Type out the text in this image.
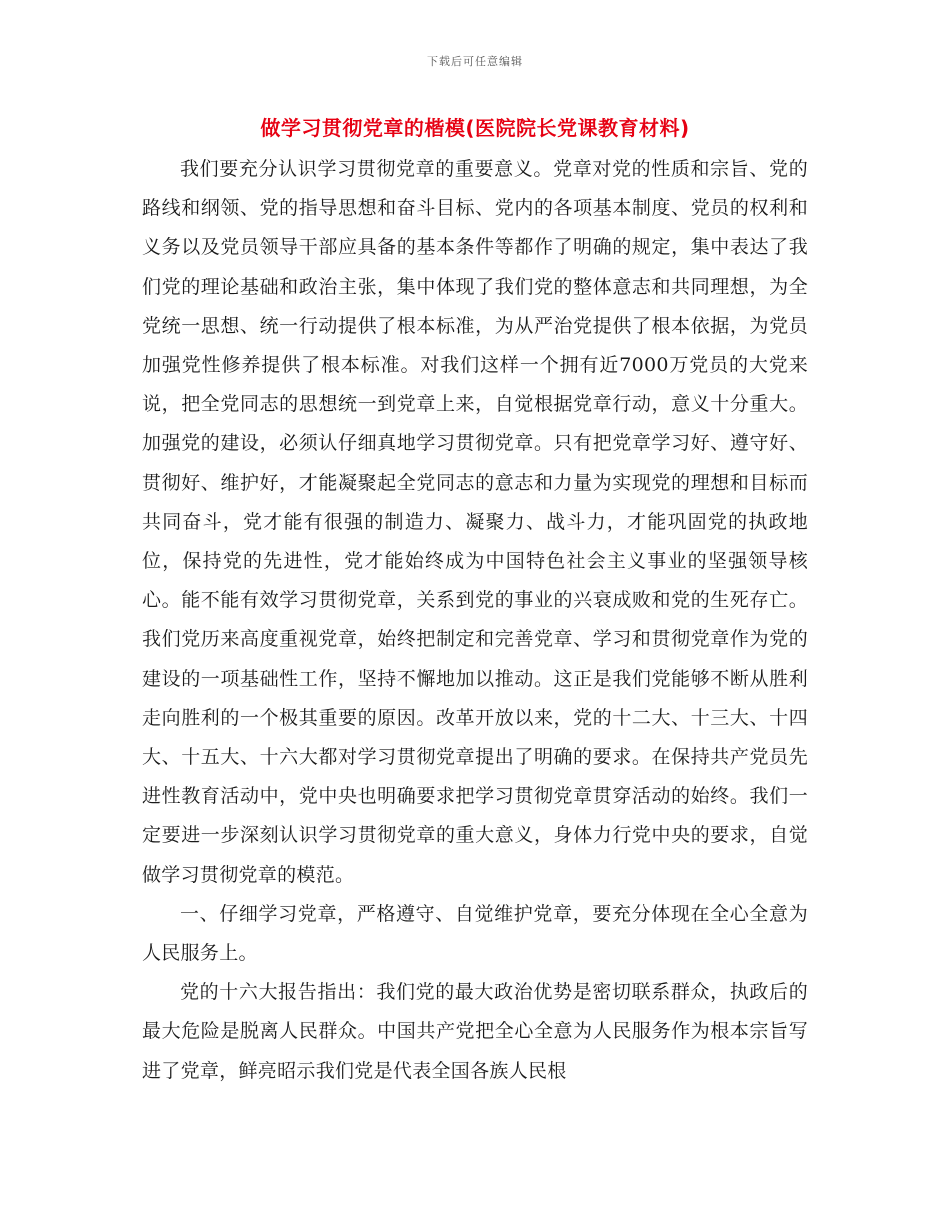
下载后可任意编辑
做学习贯彻党章的楷模(医院院长党课教育材料)

我们要充分认识学习贯彻党章的重要意义。党章对党的性质和宗旨、党的路线和纲领、党的指导思想和奋斗目标、党内的各项基本制度、党员的权利和义务以及党员领导干部应具备的基本条件等都作了明确的规定，集中表达了我们党的理论基础和政治主张，集中体现了我们党的整体意志和共同理想，为全党统一思想、统一行动提供了根本标准，为从严治党提供了根本依据，为党员加强党性修养提供了根本标准。对我们这样一个拥有近7000万党员的大党来说，把全党同志的思想统一到党章上来，自觉根据党章行动，意义十分重大。加强党的建设，必须认仔细真地学习贯彻党章。只有把党章学习好、遵守好、贯彻好、维护好，才能凝聚起全党同志的意志和力量为实现党的理想和目标而共同奋斗，党才能有很强的制造力、凝聚力、战斗力，才能巩固党的执政地位，保持党的先进性，党才能始终成为中国特色社会主义事业的坚强领导核心。能不能有效学习贯彻党章，关系到党的事业的兴衰成败和党的生死存亡。我们党历来高度重视党章，始终把制定和完善党章、学习和贯彻党章作为党的建设的一项基础性工作，坚持不懈地加以推动。这正是我们党能够不断从胜利走向胜利的一个极其重要的原因。改革开放以来，党的十二大、十三大、十四大、十五大、十六大都对学习贯彻党章提出了明确的要求。在保持共产党员先进性教育活动中，党中央也明确要求把学习贯彻党章贯穿活动的始终。我们一定要进一步深刻认识学习贯彻党章的重大意义，身体力行党中央的要求，自觉做学习贯彻党章的模范。

一、仔细学习党章，严格遵守、自觉维护党章，要充分体现在全心全意为人民服务上。

党的十六大报告指出：我们党的最大政治优势是密切联系群众，执政后的最大危险是脱离人民群众。中国共产党把全心全意为人民服务作为根本宗旨写进了党章，鲜亮昭示我们党是代表全国各族人民根
